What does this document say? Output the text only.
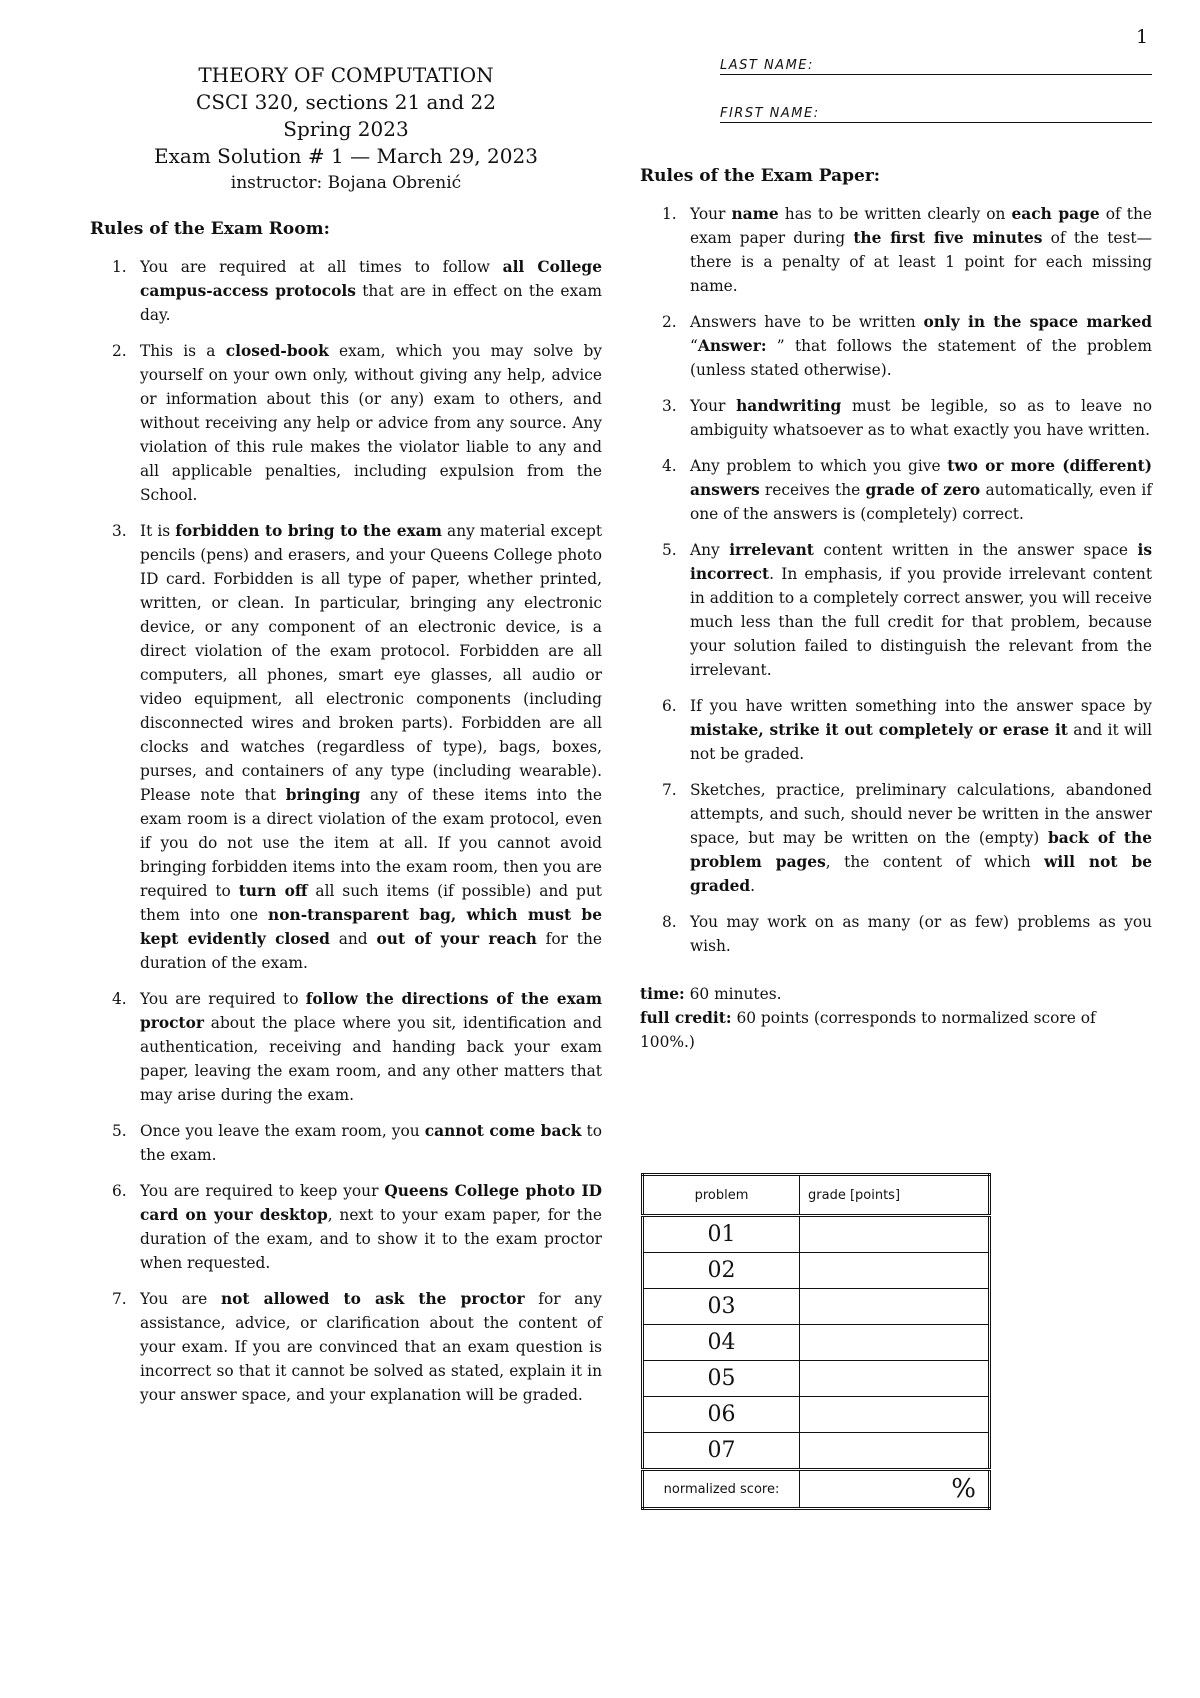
1
THEORY OF COMPUTATION
CSCI 320, sections 21 and 22
Spring 2023
Exam Solution # 1 — March 29, 2023
instructor: Bojana Obrenić
Rules of the Exam Room:
1. You are required at all times to follow all College campus-access protocols that are in effect on the exam day.
2. This is a closed-book exam, which you may solve by yourself on your own only, without giving any help, advice or information about this (or any) exam to others, and without receiving any help or advice from any source. Any violation of this rule makes the violator liable to any and all applicable penalties, including expulsion from the School.
3. It is forbidden to bring to the exam any material except pencils (pens) and erasers, and your Queens College photo ID card. Forbidden is all type of paper, whether printed, written, or clean. In particular, bringing any electronic device, or any component of an electronic device, is a direct violation of the exam protocol. Forbidden are all computers, all phones, smart eye glasses, all audio or video equipment, all electronic components (including disconnected wires and broken parts). Forbidden are all clocks and watches (regardless of type), bags, boxes, purses, and containers of any type (including wearable). Please note that bringing any of these items into the exam room is a direct violation of the exam protocol, even if you do not use the item at all. If you cannot avoid bringing forbidden items into the exam room, then you are required to turn off all such items (if possible) and put them into one non-transparent bag, which must be kept evidently closed and out of your reach for the duration of the exam.
4. You are required to follow the directions of the exam proctor about the place where you sit, identification and authentication, receiving and handing back your exam paper, leaving the exam room, and any other matters that may arise during the exam.
5. Once you leave the exam room, you cannot come back to the exam.
6. You are required to keep your Queens College photo ID card on your desktop, next to your exam paper, for the duration of the exam, and to show it to the exam proctor when requested.
7. You are not allowed to ask the proctor for any assistance, advice, or clarification about the content of your exam. If you are convinced that an exam question is incorrect so that it cannot be solved as stated, explain it in your answer space, and your explanation will be graded.
LAST NAME:
FIRST NAME:
Rules of the Exam Paper:
1. Your name has to be written clearly on each page of the exam paper during the first five minutes of the test—there is a penalty of at least 1 point for each missing name.
2. Answers have to be written only in the space marked “Answer: ” that follows the statement of the problem (unless stated otherwise).
3. Your handwriting must be legible, so as to leave no ambiguity whatsoever as to what exactly you have written.
4. Any problem to which you give two or more (different) answers receives the grade of zero automatically, even if one of the answers is (completely) correct.
5. Any irrelevant content written in the answer space is incorrect. In emphasis, if you provide irrelevant content in addition to a completely correct answer, you will receive much less than the full credit for that problem, because your solution failed to distinguish the relevant from the irrelevant.
6. If you have written something into the answer space by mistake, strike it out completely or erase it and it will not be graded.
7. Sketches, practice, preliminary calculations, abandoned attempts, and such, should never be written in the answer space, but may be written on the (empty) back of the problem pages, the content of which will not be graded.
8. You may work on as many (or as few) problems as you wish.
time: 60 minutes.
full credit: 60 points (corresponds to normalized score of 100%.)
problem	grade [points]
01	
02	
03	
04	
05	
06	
07	
normalized score:	%
